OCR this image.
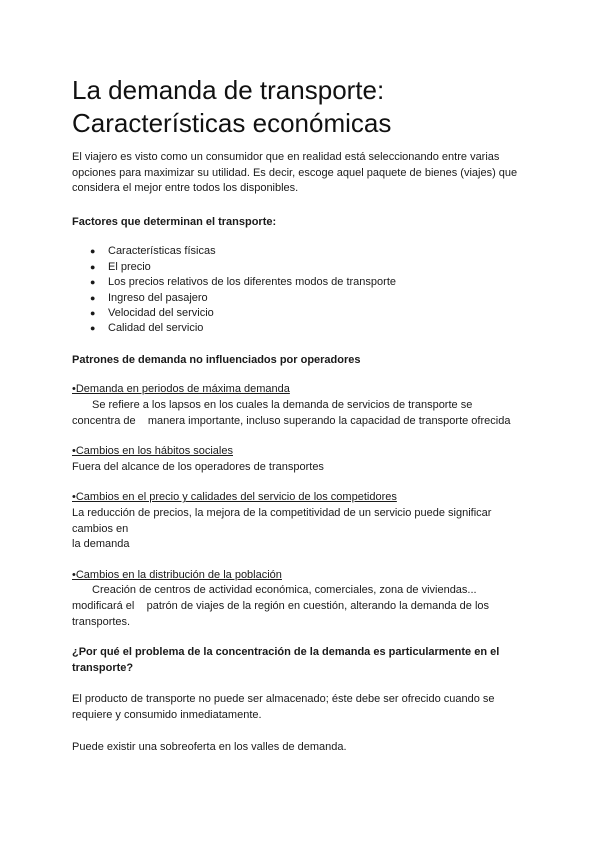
La demanda de transporte:
Características económicas

El viajero es visto como un consumidor que en realidad está seleccionando entre varias opciones para maximizar su utilidad. Es decir, escoge aquel paquete de bienes (viajes) que considera el mejor entre todos los disponibles.

Factores que determinan el transporte:

● Características físicas
● El precio
● Los precios relativos de los diferentes modos de transporte
● Ingreso del pasajero
● Velocidad del servicio
● Calidad del servicio

Patrones de demanda no influenciados por operadores

•Demanda en periodos de máxima demanda

Se refiere a los lapsos en los cuales la demanda de servicios de transporte se

concentra de    manera importante, incluso superando la capacidad de transporte ofrecida

•Cambios en los hábitos sociales

Fuera del alcance de los operadores de transportes

•Cambios en el precio y calidades del servicio de los competidores

La reducción de precios, la mejora de la competitividad de un servicio puede significar

cambios en

la demanda

•Cambios en la distribución de la población

Creación de centros de actividad económica, comerciales, zona de viviendas...

modificará el    patrón de viajes de la región en cuestión, alterando la demanda de los

transportes.

¿Por qué el problema de la concentración de la demanda es particularmente en el transporte?

El producto de transporte no puede ser almacenado; éste debe ser ofrecido cuando se requiere y consumido inmediatamente.

Puede existir una sobreoferta en los valles de demanda.
